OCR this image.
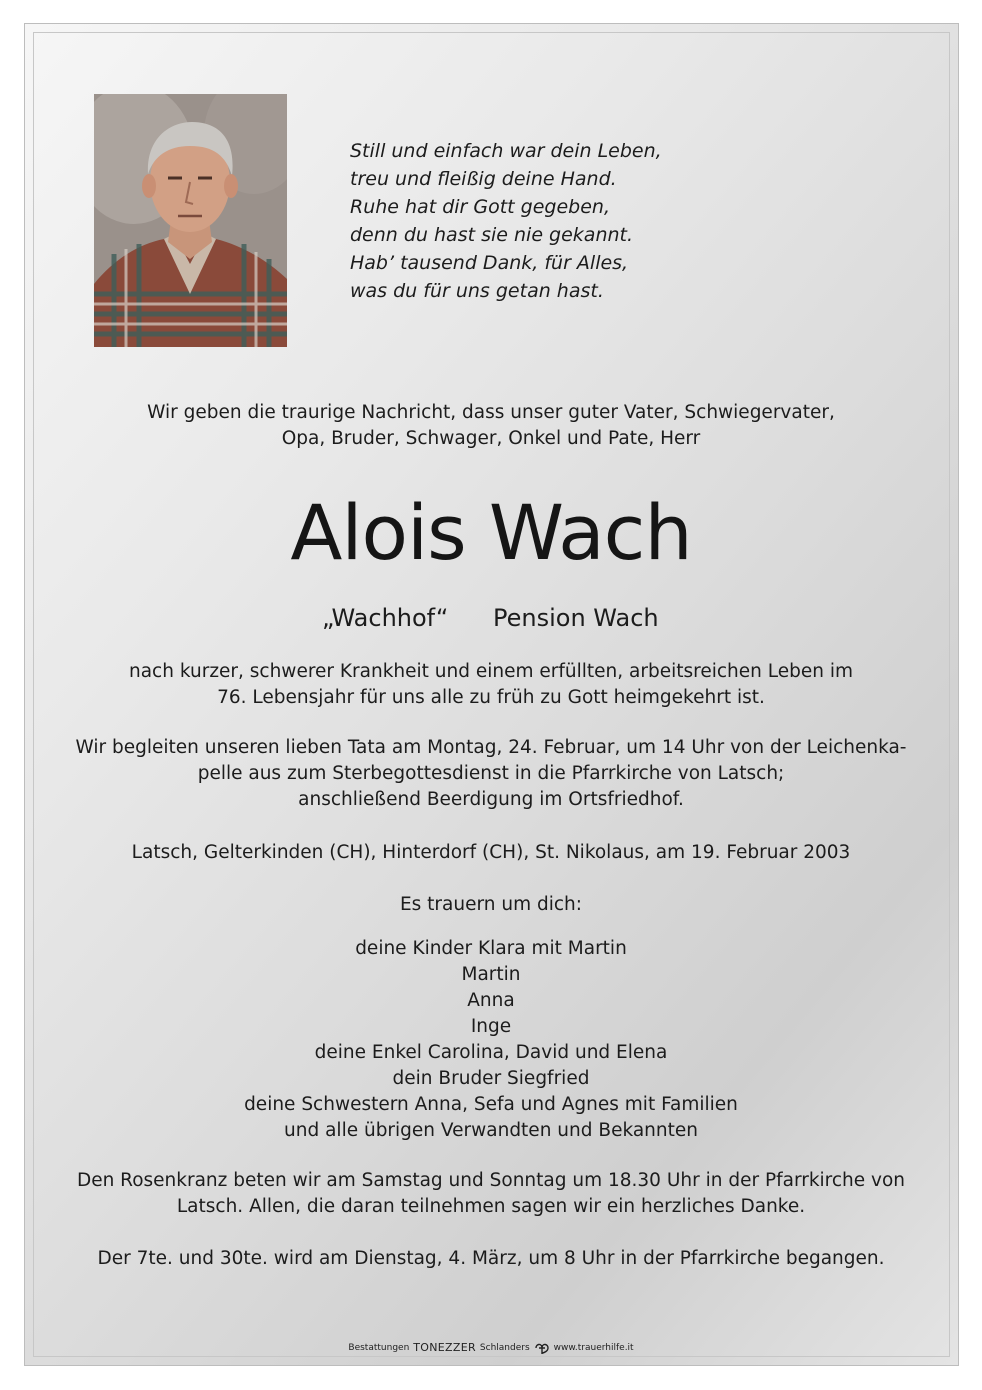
Still und einfach war dein Leben,
treu und fleißig deine Hand.
Ruhe hat dir Gott gegeben,
denn du hast sie nie gekannt.
Hab’ tausend Dank, für Alles,
was du für uns getan hast.
Wir geben die traurige Nachricht, dass unser guter Vater, Schwiegervater,
Opa, Bruder, Schwager, Onkel und Pate, Herr
Alois Wach
„Wachhof“ Pension Wach
nach kurzer, schwerer Krankheit und einem erfüllten, arbeitsreichen Leben im
76. Lebensjahr für uns alle zu früh zu Gott heimgekehrt ist.
Wir begleiten unseren lieben Tata am Montag, 24. Februar, um 14 Uhr von der Leichenka-
pelle aus zum Sterbegottesdienst in die Pfarrkirche von Latsch;
anschließend Beerdigung im Ortsfriedhof.
Latsch, Gelterkinden (CH), Hinterdorf (CH), St. Nikolaus, am 19. Februar 2003
Es trauern um dich:
deine Kinder Klara mit Martin
Martin
Anna
Inge
deine Enkel Carolina, David und Elena
dein Bruder Siegfried
deine Schwestern Anna, Sefa und Agnes mit Familien
und alle übrigen Verwandten und Bekannten
Den Rosenkranz beten wir am Samstag und Sonntag um 18.30 Uhr in der Pfarrkirche von
Latsch. Allen, die daran teilnehmen sagen wir ein herzliches Danke.
Der 7te. und 30te. wird am Dienstag, 4. März, um 8 Uhr in der Pfarrkirche begangen.
Bestattungen TONEZZER Schlanders	www.trauerhilfe.it
